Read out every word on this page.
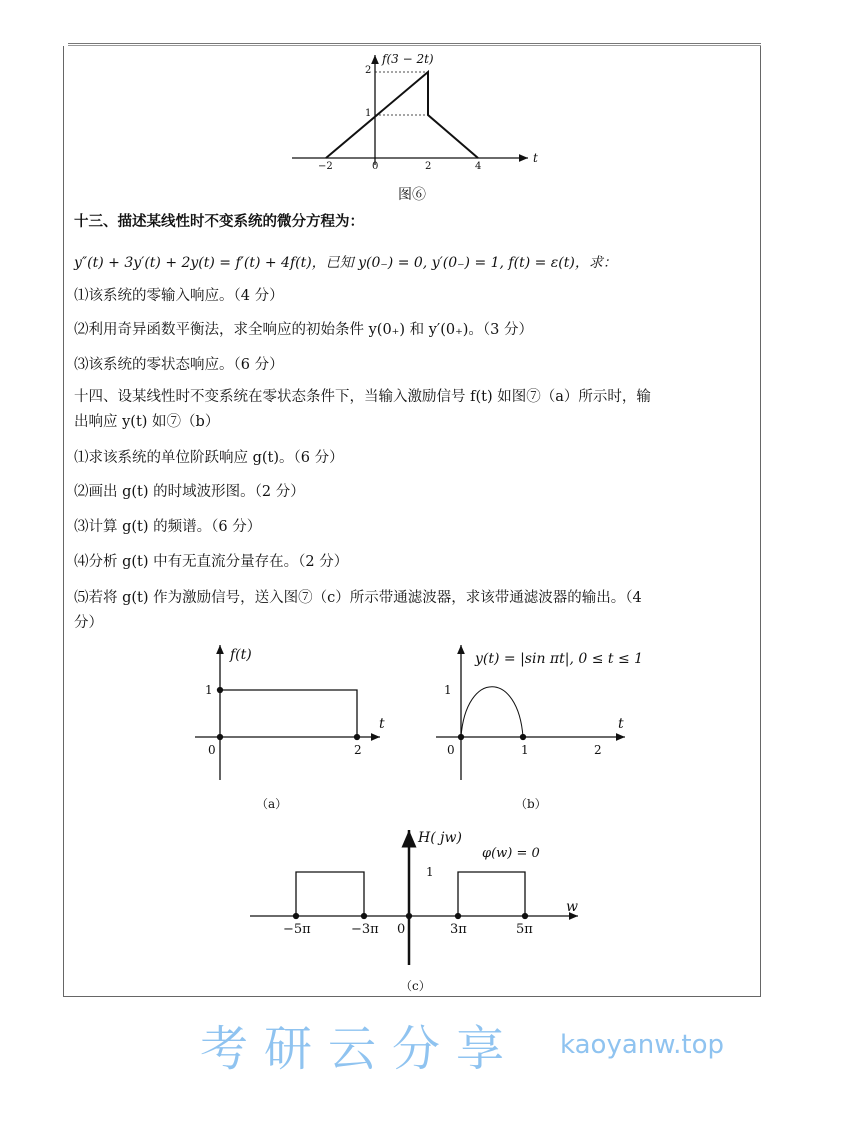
f(3 − 2t)
t
2
1
−2	0	2	4
图⑥
十三、描述某线性时不变系统的微分方程为：
y″(t) + 3y′(t) + 2y(t) = f′(t) + 4f(t)，已知 y(0₋) = 0, y′(0₋) = 1, f(t) = ε(t)，求：
⑴该系统的零输入响应。（4 分）
⑵利用奇异函数平衡法，求全响应的初始条件 y(0₊) 和 y′(0₊)。（3 分）
⑶该系统的零状态响应。（6 分）
十四、设某线性时不变系统在零状态条件下，当输入激励信号 f(t) 如图⑦（a）所示时，输
出响应 y(t) 如⑦（b）
⑴求该系统的单位阶跃响应 g(t)。（6 分）
⑵画出 g(t) 的时域波形图。（2 分）
⑶计算 g(t) 的频谱。（6 分）
⑷分析 g(t) 中有无直流分量存在。（2 分）
⑸若将 g(t) 作为激励信号，送入图⑦（c）所示带通滤波器，求该带通滤波器的输出。（4
分）
f(t)
t
1
0	2
（a）
y(t) = |sin πt|, 0 ≤ t ≤ 1
t
1
0	1	2
（b）
H( jw)
φ(w) = 0
1
w
−5π	−3π 0	3π	5π
（c）
考研云分享 kaoyanw.top
